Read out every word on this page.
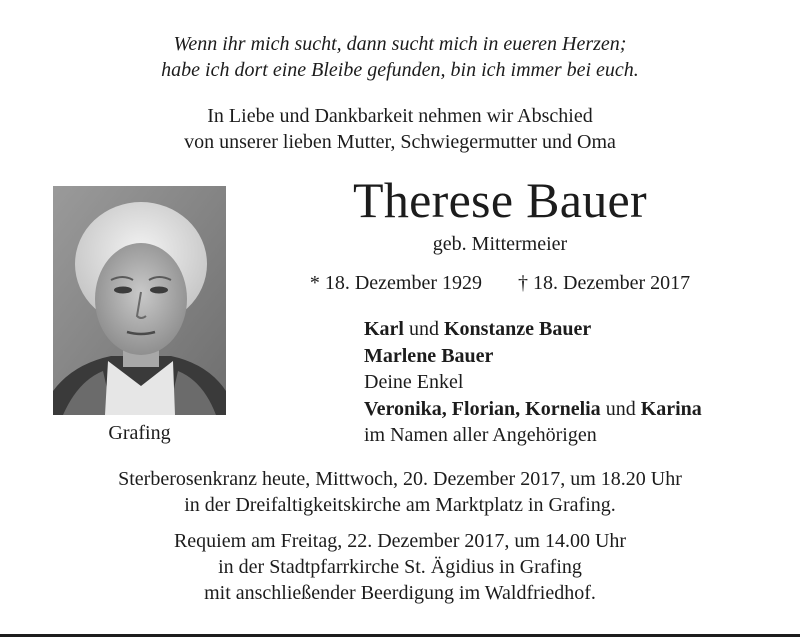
Wenn ihr mich sucht, dann sucht mich in eueren Herzen;
habe ich dort eine Bleibe gefunden, bin ich immer bei euch.
In Liebe und Dankbarkeit nehmen wir Abschied
von unserer lieben Mutter, Schwiegermutter und Oma
Grafing
Therese Bauer
geb. Mittermeier
* 18. Dezember 1929 † 18. Dezember 2017
Karl und Konstanze Bauer
Marlene Bauer
Deine Enkel
Veronika, Florian, Kornelia und Karina
im Namen aller Angehörigen
Sterberosenkranz heute, Mittwoch, 20. Dezember 2017, um 18.20 Uhr
in der Dreifaltigkeitskirche am Marktplatz in Grafing.
Requiem am Freitag, 22. Dezember 2017, um 14.00 Uhr
in der Stadtpfarrkirche St. Ägidius in Grafing
mit anschließender Beerdigung im Waldfriedhof.
